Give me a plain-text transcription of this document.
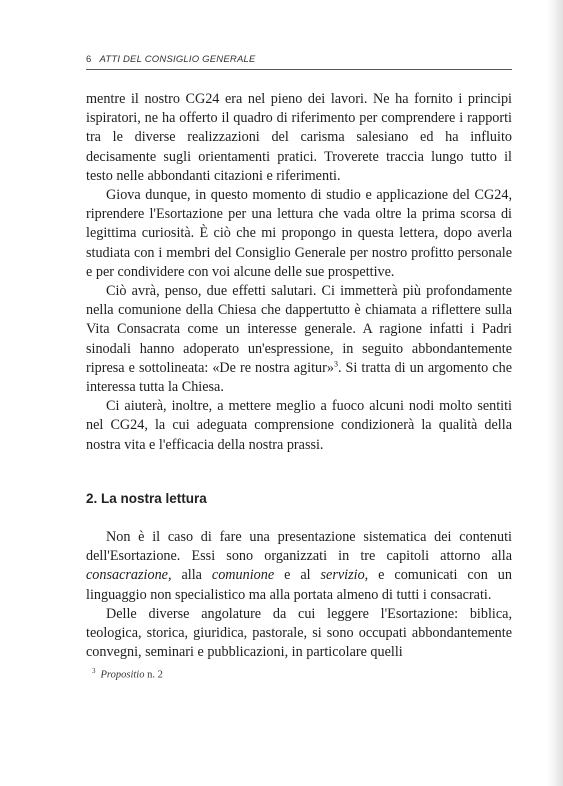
6 ATTI DEL CONSIGLIO GENERALE

mentre il nostro CG24 era nel pieno dei lavori. Ne ha fornito i principi ispiratori, ne ha offerto il quadro di riferimento per comprendere i rapporti tra le diverse realizzazioni del carisma salesiano ed ha influito decisamente sugli orientamenti pratici. Troverete traccia lungo tutto il testo nelle abbondanti citazioni e riferimenti.

Giova dunque, in questo momento di studio e applicazione del CG24, riprendere l'Esortazione per una lettura che vada oltre la prima scorsa di legittima curiosità. È ciò che mi propongo in questa lettera, dopo averla studiata con i membri del Consiglio Generale per nostro profitto personale e per condividere con voi alcune delle sue prospettive.

Ciò avrà, penso, due effetti salutari. Ci immetterà più profondamente nella comunione della Chiesa che dappertutto è chiamata a riflettere sulla Vita Consacrata come un interesse generale. A ragione infatti i Padri sinodali hanno adoperato un'espressione, in seguito abbondantemente ripresa e sottolineata: «De re nostra agitur»$^3$. Si tratta di un argomento che interessa tutta la Chiesa.

Ci aiuterà, inoltre, a mettere meglio a fuoco alcuni nodi molto sentiti nel CG24, la cui adeguata comprensione condizionerà la qualità della nostra vita e l'efficacia della nostra prassi.

2. La nostra lettura

Non è il caso di fare una presentazione sistematica dei contenuti dell'Esortazione. Essi sono organizzati in tre capitoli attorno alla consacrazione, alla comunione e al servizio, e comunicati con un linguaggio non specialistico ma alla portata almeno di tutti i consacrati.

Delle diverse angolature da cui leggere l'Esortazione: biblica, teologica, storica, giuridica, pastorale, si sono occupati abbondantemente convegni, seminari e pubblicazioni, in particolare quelli

$^3$ Propositio n. 2
